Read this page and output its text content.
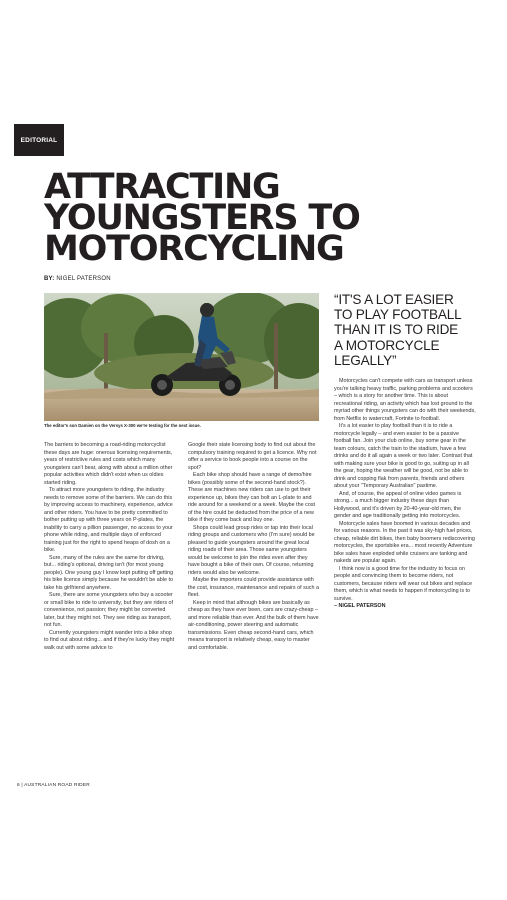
EDITORIAL
ATTRACTING
YOUNGSTERS TO
MOTORCYCLING
BY: NIGEL PATERSON
The editor's son Damien on the Versys X-300 we're testing for the next issue.
“IT'S A LOT EASIER
TO PLAY FOOTBALL
THAN IT IS TO RIDE
A MOTORCYCLE
LEGALLY”

The barriers to becoming a road-riding motorcyclist these days are huge: onerous licensing requirements, years of restrictive rules and costs which many youngsters can't bear, along with about a million other popular activities which didn't exist when us oldies started riding.

To attract more youngsters to riding, the industry needs to remove some of the barriers. We can do this by improving access to machinery, experience, advice and other riders. You have to be pretty committed to bother putting up with three years on P-plates, the inability to carry a pillion passenger, no access to your phone while riding, and multiple days of enforced training just for the right to spend heaps of dosh on a bike.

Sure, many of the rules are the same for driving, but... riding's optional, driving isn't (for most young people). One young guy I know kept putting off getting his bike licence simply because he wouldn't be able to take his girlfriend anywhere.

Sure, there are some youngsters who buy a scooter or small bike to ride to university, but they are riders of convenience, not passion; they might be converted later, but they might not. They see riding as transport, not fun.

Currently youngsters might wander into a bike shop to find out about riding... and if they're lucky they might walk out with some advice to

Google their state licensing body to find out about the compulsory training required to get a licence. Why not offer a service to book people into a course on the spot?

Each bike shop should have a range of demo/hire bikes (possibly some of the second-hand stock?). These are machines new riders can use to get their experience up, bikes they can bolt an L-plate to and ride around for a weekend or a week. Maybe the cost of the hire could be deducted from the price of a new bike if they come back and buy one.

Shops could lead group rides or tap into their local riding groups and customers who (I'm sure) would be pleased to guide youngsters around the great local riding roads of their area. Those same youngsters would be welcome to join the rides even after they have bought a bike of their own. Of course, returning riders would also be welcome.

Maybe the importers could provide assistance with the cost, insurance, maintenance and repairs of such a fleet.

Keep in mind that although bikes are basically as cheap as they have ever been, cars are crazy-cheap – and more reliable than ever. And the bulk of them have air-conditioning, power steering and automatic transmissions. Even cheap second-hand cars, which means transport is relatively cheap, easy to master and comfortable.

Motorcycles can't compete with cars as transport unless you're talking heavy traffic, parking problems and scooters – which is a story for another time. This is about recreational riding, an activity which has lost ground to the myriad other things youngsters can do with their weekends, from Netflix to watercraft, Fortnite to football.

It's a lot easier to play football than it is to ride a motorcycle legally – and even easier to be a passive football fan. Join your club online, buy some gear in the team colours, catch the train to the stadium, have a few drinks and do it all again a week or two later. Contrast that with making sure your bike is good to go, suiting up in all the gear, hoping the weather will be good, not be able to drink and copping flak from parents, friends and others about your "Temporary Australian" pastime.

And, of course, the appeal of online video games is strong... a much bigger industry these days than Hollywood, and it's driven by 20-40-year-old men, the gender and age traditionally getting into motorcycles.

Motorcycle sales have boomed in various decades and for various reasons. In the past it was sky-high fuel prices, cheap, reliable dirt bikes, then baby boomers rediscovering motorcycles, the sportsbike era... most recently Adventure bike sales have exploded while cruisers are tanking and nakeds are popular again.

I think now is a good time for the industry to focus on people and convincing them to become riders, not customers, because riders will wear out bikes and replace them, which is what needs to happen if motorcycling is to survive.

– NIGEL PATERSON

6 | AUSTRALIAN ROAD RIDER
